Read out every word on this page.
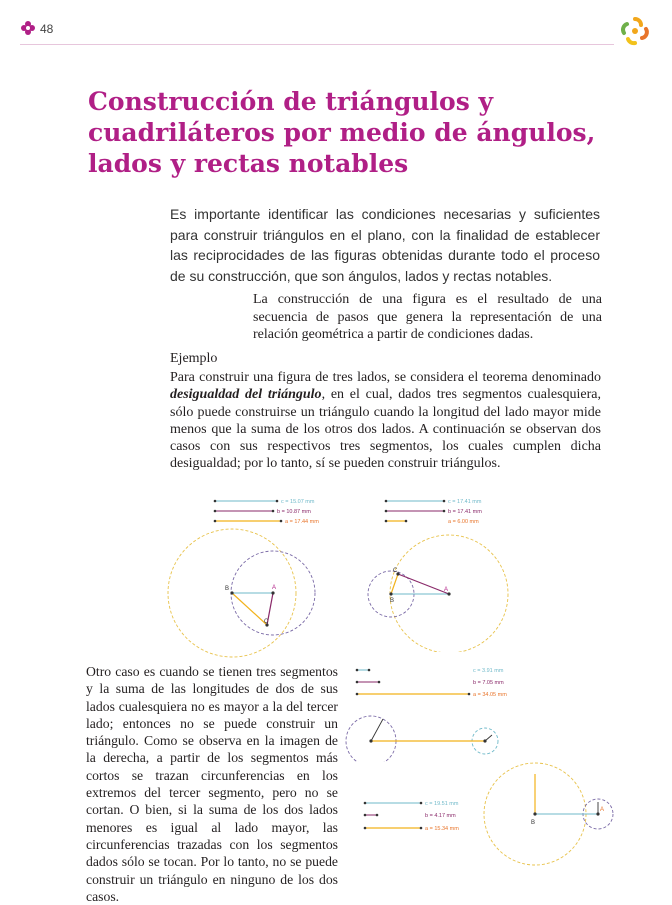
48
Construcción de triángulos y cuadriláteros por medio de ángulos, lados y rectas notables

Es importante identificar las condiciones necesarias y suficientes para construir triángulos en el plano, con la finalidad de establecer las reciprocidades de las figuras obtenidas durante todo el proceso de su construcción, que son ángulos, lados y rectas notables.

La construcción de una figura es el resultado de una secuencia de pasos que genera la representación de una relación geométrica a partir de condiciones dadas.

Ejemplo

Para construir una figura de tres lados, se considera el teorema denominado desigualdad del triángulo, en el cual, dados tres segmentos cualesquiera, sólo puede construirse un triángulo cuando la longitud del lado mayor mide menos que la suma de los otros dos lados. A continuación se observan dos casos con sus respectivos tres segmentos, los cuales cumplen dicha desigualdad; por lo tanto, sí se pueden construir triángulos.

c = 15.07 mm
b = 10.87 mm
a = 17.44 mm
B	A
C
c = 17.41 mm
b = 17.41 mm
a = 6.00 mm
B
A
C

Otro caso es cuando se tienen tres segmentos y la suma de las longitudes de dos de sus lados cualesquiera no es mayor a la del tercer lado; entonces no se puede construir un triángulo. Como se observa en la imagen de la derecha, a partir de los segmentos más cortos se trazan circunferencias en los extremos del tercer segmento, pero no se cortan. O bien, si la suma de los dos lados menores es igual al lado mayor, las circunferencias trazadas con los segmentos dados sólo se tocan. Por lo tanto, no se puede construir un triángulo en ninguno de los dos casos.

c = 3.91 mm
b = 7.05 mm
a = 34.05 mm
c = 19.51 mm
b = 4.17 mm
a = 15.34 mm
B
A
